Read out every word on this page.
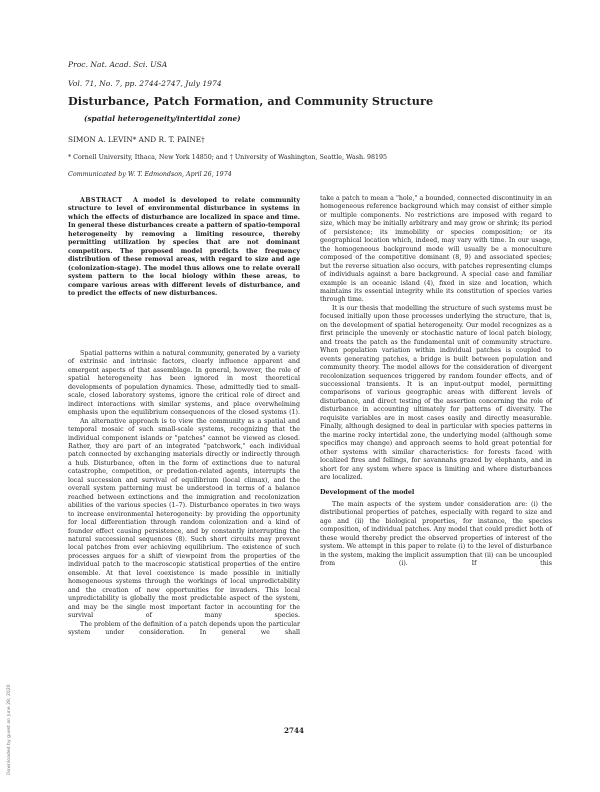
Proc. Nat. Acad. Sci. USA

Vol. 71, No. 7, pp. 2744-2747, July 1974

Disturbance, Patch Formation, and Community Structure
(spatial heterogeneity/intertidal zone)
SIMON A. LEVIN* AND R. T. PAINE†
* Cornell University, Ithaca, New York 14850; and † University of Washington, Seattle, Wash. 98195
Communicated by W. T. Edmondson, April 26, 1974
ABSTRACT A model is developed to relate community structure to level of environmental disturbance in systems in which the effects of disturbance are localized in space and time. In general these disturbances create a pattern of spatio-temporal heterogeneity by removing a limiting resource, thereby permitting utilization by species that are not dominant competitors. The proposed model predicts the frequency distribution of these removal areas, with regard to size and age (colonization-stage). The model thus allows one to relate overall system pattern to the local biology within these areas, to compare various areas with different levels of disturbance, and to predict the effects of new disturbances.

Spatial patterns within a natural community, generated by a variety of extrinsic and intrinsic factors, clearly influence apparent and emergent aspects of that assemblage. In general, however, the role of spatial heterogeneity has been ignored in most theoretical developments of population dynamics. These, admittedly tied to small-scale, closed laboratory systems, ignore the critical role of direct and indirect interactions with similar systems, and place overwhelming emphasis upon the equilibrium consequences of the closed systems (1).

An alternative approach is to view the community as a spatial and temporal mosaic of such small-scale systems, recognizing that the individual component islands or "patches" cannot be viewed as closed. Rather, they are part of an integrated "patchwork," each individual patch connected by exchanging materials directly or indirectly through a hub. Disturbance, often in the form of extinctions due to natural catastrophe, competition, or predation-related agents, interrupts the local succession and survival of equilibrium (local climax), and the overall system patterning must be understood in terms of a balance reached between extinctions and the immigration and recolonization abilities of the various species (1–7). Disturbance operates in two ways to increase environmental heterogeneity: by providing the opportunity for local differentiation through random colonization and a kind of founder effect causing persistence, and by constantly interrupting the natural successional sequences (8). Such short circuits may prevent local patches from ever achieving equilibrium. The existence of such processes argues for a shift of viewpoint from the properties of the individual patch to the macroscopic statistical properties of the entire ensemble. At that level coexistence is made possible in initially homogeneous systems through the workings of local unpredictability and the creation of new opportunities for invaders. This local unpredictability is globally the most predictable aspect of the system, and may be the single most important factor in accounting for the survival of many species.

The problem of the definition of a patch depends upon the particular system under consideration. In general we shall

take a patch to mean a "hole," a bounded, connected discontinuity in an homogeneous reference background which may consist of either simple or multiple components. No restrictions are imposed with regard to size, which may be initially arbitrary and may grow or shrink; its period of persistence; its immobility or species composition; or its geographical location which, indeed, may vary with time. In our usage, the homogeneous background mode will usually be a monoculture composed of the competitive dominant (8, 9) and associated species; but the reverse situation also occurs, with patches representing clumps of individuals against a bare background. A special case and familiar example is an oceanic island (4), fixed in size and location, which maintains its essential integrity while its constitution of species varies through time.

It is our thesis that modelling the structure of such systems must be focused initially upon those processes underlying the structure, that is, on the development of spatial heterogeneity. Our model recognizes as a first principle the unevenly or stochastic nature of local patch biology, and treats the patch as the fundamental unit of community structure. When population variation within individual patches is coupled to events generating patches, a bridge is built between population and community theory. The model allows for the consideration of divergent recolonization sequences triggered by random founder effects, and of successional transients. It is an input-output model, permitting comparisons of various geographic areas with different levels of disturbance, and direct testing of the assertion concerning the role of disturbance in accounting ultimately for patterns of diversity. The requisite variables are in most cases easily and directly measurable. Finally, although designed to deal in particular with species patterns in the marine rocky intertidal zone, the underlying model (although some specifics may change) and approach seems to hold great potential for other systems with similar characteristics: for forests faced with localized fires and fellings, for savannahs grazed by elephants, and in short for any system where space is limiting and where disturbances are localized.

Development of the model

The main aspects of the system under consideration are: (i) the distributional properties of patches, especially with regard to size and age and (ii) the biological properties, for instance, the species composition, of individual patches. Any model that could predict both of these would thereby predict the observed properties of interest of the system. We attempt in this paper to relate (i) to the level of disturbance in the system, making the implicit assumption that (ii) can be uncoupled from (i). If this

2744
Downloaded by guest on June 28, 2020
